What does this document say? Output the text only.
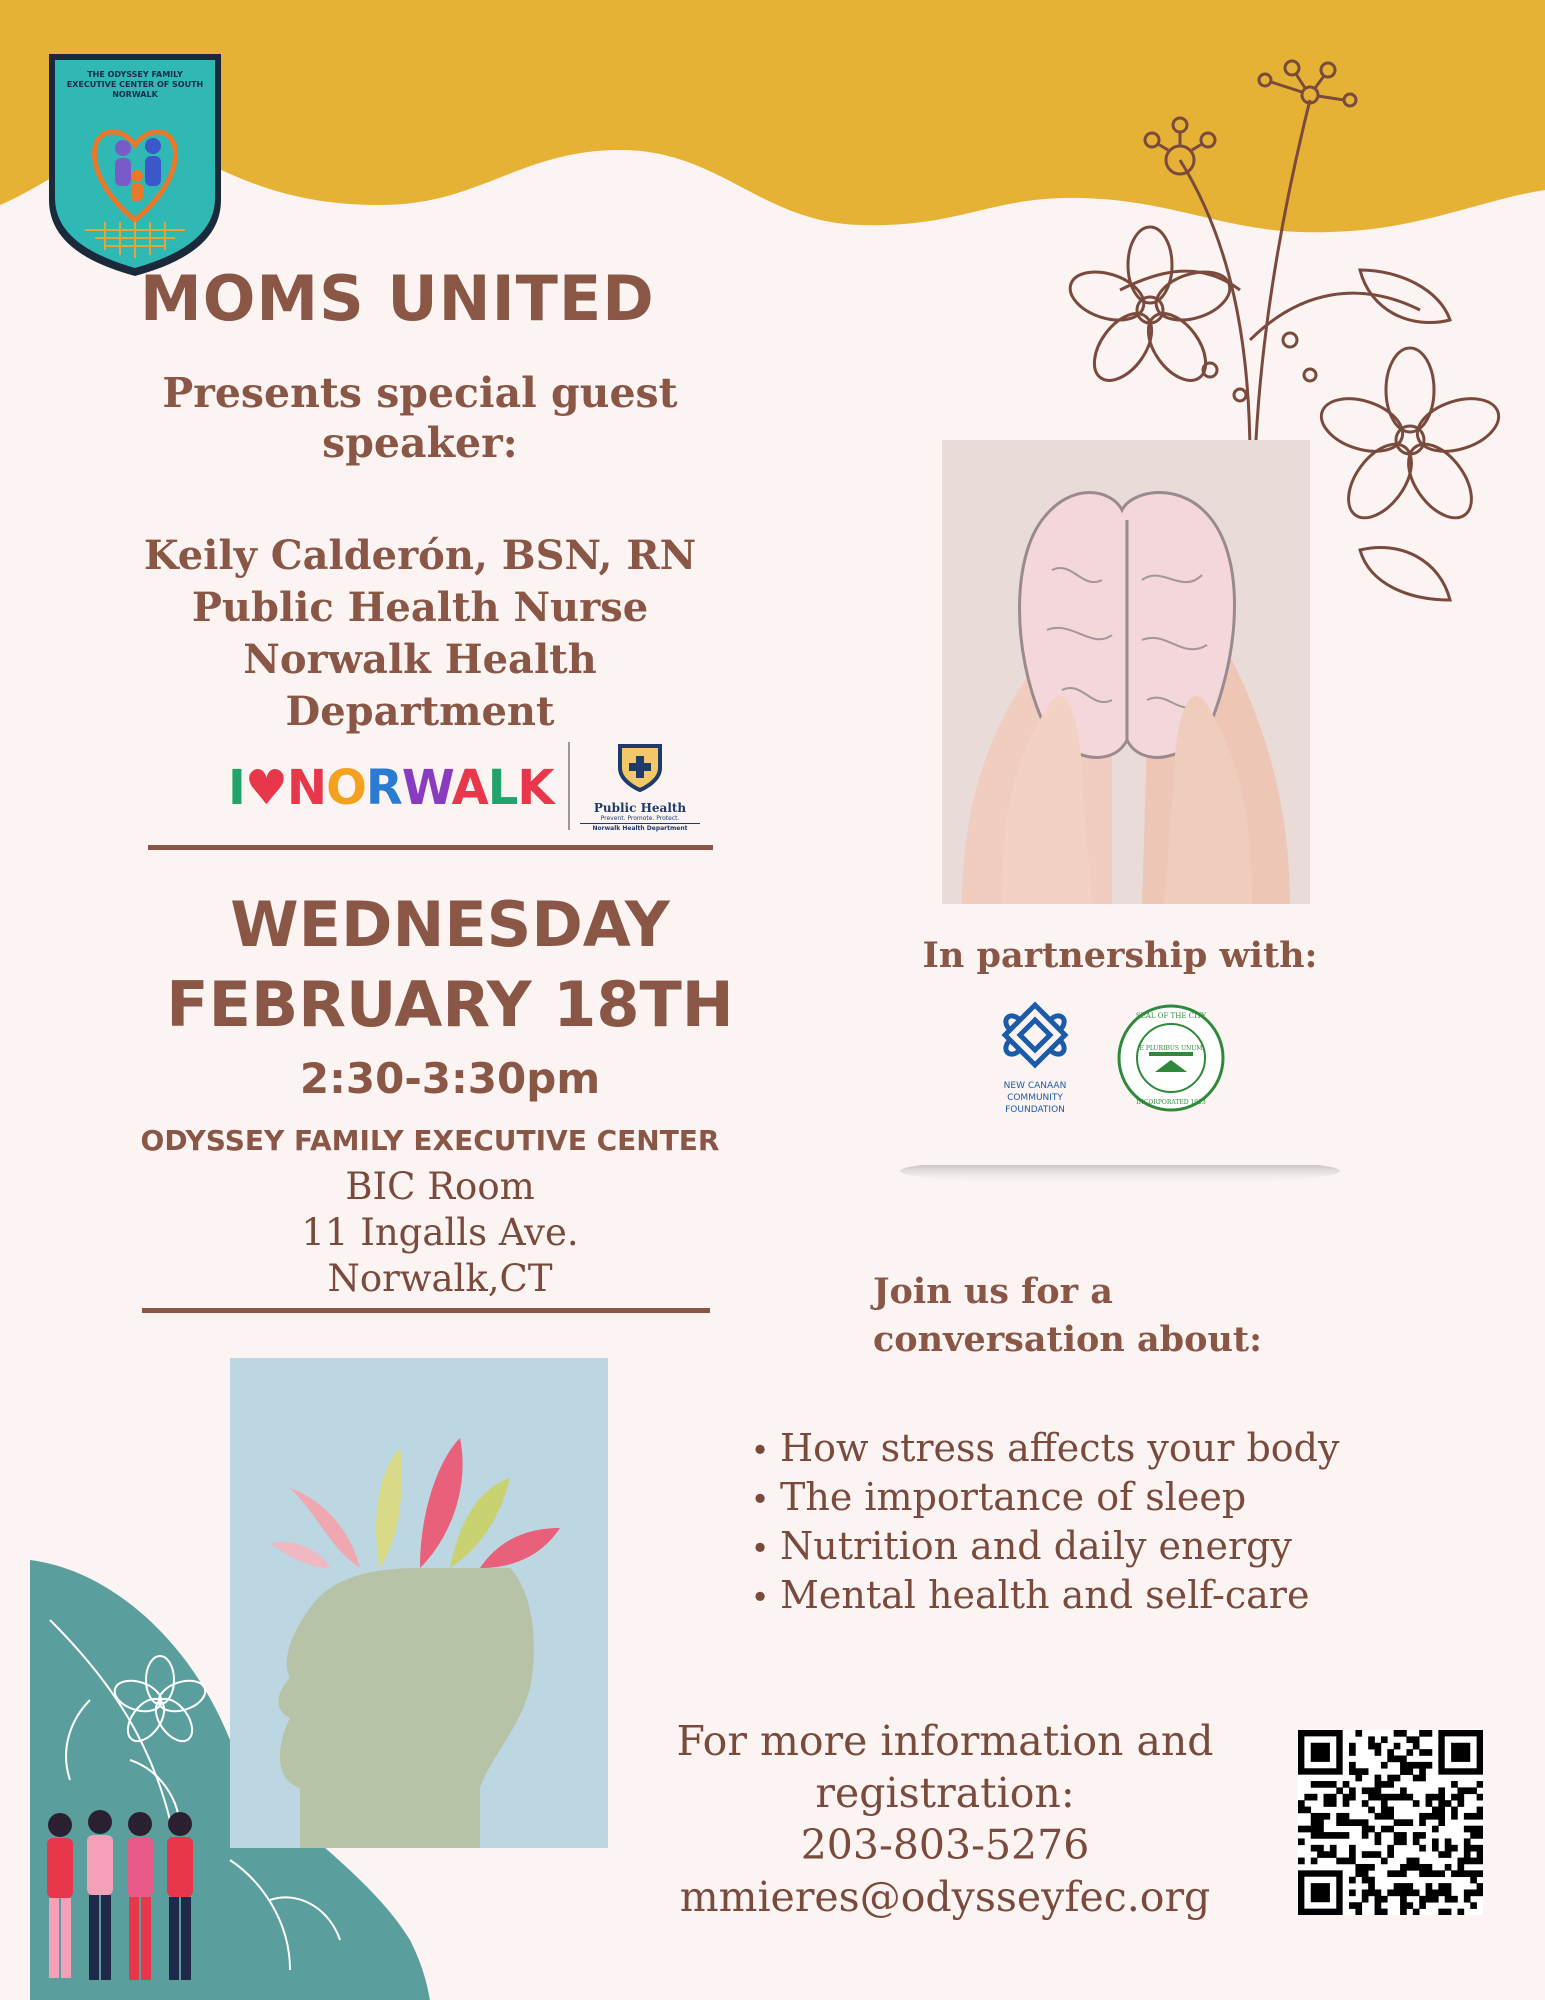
THE ODYSSEY FAMILY EXECUTIVE CENTER OF SOUTH NORWALK
MOMS UNITED
Presents special guest speaker:
Keily Calderón, BSN, RN
Public Health Nurse
Norwalk Health
Department
I♥NORWALK	Public Health
Prevent. Promote. Protect.
Norwalk Health Department
WEDNESDAY
FEBRUARY 18TH
2:30-3:30pm
ODYSSEY FAMILY EXECUTIVE CENTER
BIC Room
11 Ingalls Ave.
Norwalk,CT
In partnership with:
NEW CANAAN
COMMUNITY
FOUNDATION
E PLURIBUS UNUM
SEAL OF THE CITY
INCORPORATED 1913
Join us for a
conversation about:
• How stress affects your body
• The importance of sleep
• Nutrition and daily energy
• Mental health and self-care
For more information and
registration:
203-803-5276
mmieres@odysseyfec.org
